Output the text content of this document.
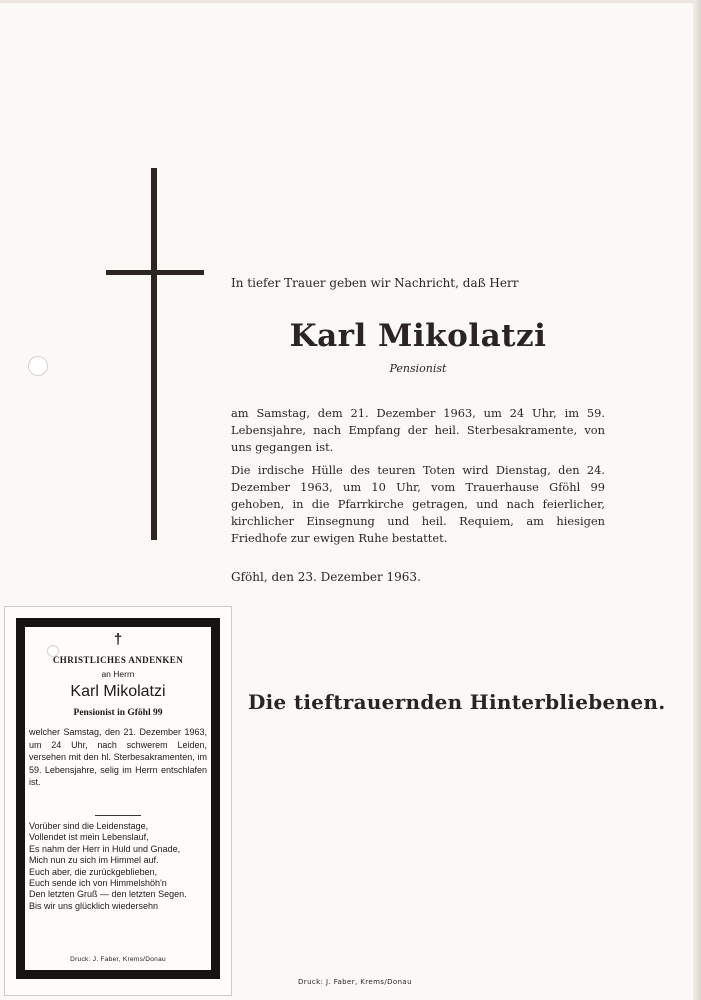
In tiefer Trauer geben wir Nachricht, daß Herr
Karl Mikolatzi
Pensionist
am Samstag, dem 21. Dezember 1963, um 24 Uhr, im 59. Lebensjahre, nach Empfang der heil. Sterbesakramente, von uns gegangen ist.
Die irdische Hülle des teuren Toten wird Dienstag, den 24. Dezember 1963, um 10 Uhr, vom Trauerhause Gföhl 99 gehoben, in die Pfarrkirche getragen, und nach feierlicher, kirchlicher Einsegnung und heil. Requiem, am hiesigen Friedhofe zur ewigen Ruhe bestattet.
Gföhl, den 23. Dezember 1963.
Die tieftrauernden Hinterbliebenen.
Druck: J. Faber, Krems/Donau
†
CHRISTLICHES ANDENKEN
an Herrn
Karl Mikolatzi
Pensionist in Gföhl 99
welcher Samstag, den 21. Dezember 1963, um 24 Uhr, nach schwerem Leiden, versehen mit den hl. Sterbesakramenten, im 59. Lebensjahre, selig im Herrn entschlafen ist.
Vorüber sind die Leidenstage,
Vollendet ist mein Lebenslauf,
Es nahm der Herr in Huld und Gnade,
Mich nun zu sich im Himmel auf.
Euch aber, die zurückgeblieben,
Euch sende ich von Himmelshöh'n
Den letzten Gruß — den letzten Segen.
Bis wir uns glücklich wiedersehn
Druck: J. Faber, Krems/Donau
